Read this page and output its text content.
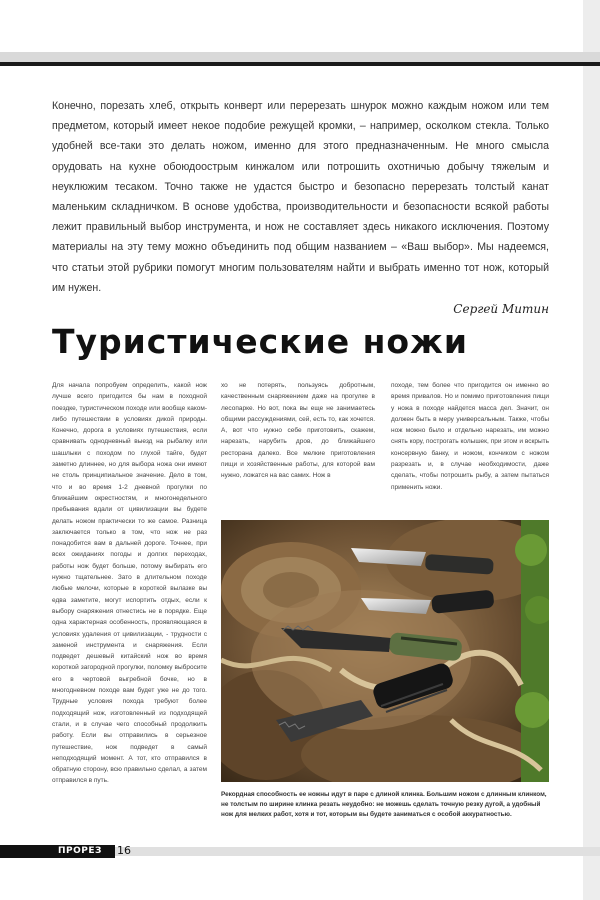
Конечно, порезать хлеб, открыть конверт или перерезать шнурок можно каждым ножом или тем предметом, который имеет некое подобие режущей кромки, – например, осколком стекла. Только удобней все-таки это делать ножом, именно для этого предназначенным. Не много смысла орудовать на кухне обоюдоострым кинжалом или потрошить охотничью добычу тяжелым и неуклюжим тесаком. Точно также не удастся быстро и безопасно перерезать толстый канат маленьким складничком. В основе удобства, производительности и безопасности всякой работы лежит правильный выбор инструмента, и нож не составляет здесь никакого исключения. Поэтому материалы на эту тему можно объединить под общим названием – «Ваш выбор». Мы надеемся, что статьи этой рубрики помогут многим пользователям найти и выбрать именно тот нож, который им нужен.

Сергей Митин
Туристические ножи

Для начала попробуем определить, какой нож лучше всего пригодится бы нам в походной поездке, туристическом походе или вообще каком-либо путешествии в условиях дикой природы. Конечно, дорога в условиях путешествия, если сравнивать однодневный выезд на рыбалку или шашлыки с походом по глухой тайге, будет заметно длиннее, но для выбора ножа они имеют не столь принципиальное значение. Дело в том, что и во время 1-2 дневной прогулки по ближайшим окрестностям, и многонедельного пребывания вдали от цивилизации вы будете делать ножом практически то же самое. Разница заключается только в том, что нож не раз понадобится вам в дальней дороге. Точнее, при всех ожиданиях погоды и долгих переходах, работы нож будет больше, потому выбирать его нужно тщательнее. Зато в длительном походе любые мелочи, которые в короткой вылазке вы едва заметите, могут испортить отдых, если к выбору снаряжения отнестись не в порядке. Еще одна характерная особенность, проявляющаяся в условиях удаления от цивилизации, - трудности с заменой инструмента и снаряжения. Если подведет дешевый китайский нож во время короткой загородной прогулки, поломку выбросите его в чертовой выгребной бочке, но в многодневном походе вам будет уже не до того. Трудные условия похода требуют более подходящий нож, изготовленный из подходящей стали, и в случае чего способный продолжить работу. Если вы отправились в серьезное путешествие, нож подведет в самый неподходящий момент. А тот, кто отправился в обратную сторону, всю правильно сделал, а затем отправился в путь.

хо не потерять, пользуясь добротным, качественным снаряжением даже на прогулке в лесопарке. Но вот, пока вы еще не занимаетесь общими рассуждениями, сей, есть то, как хочется. А, вот что нужно себе приготовить, скажем, нарезать, нарубить дров, до ближайшего ресторана далеко. Все мелкие приготовления пищи и хозяйственные работы, для которой вам нужно, ложатся на вас самих. Нож в

походе, тем более что пригодится он именно во время привалов. Но и помимо приготовления пищи у ножа в походе найдется масса дел. Значит, он должен быть в меру универсальным. Также, чтобы нож можно было и отдельно нарезать, им можно снять кору, построгать колышек, при этом и вскрыть консервную банку, и ножом, кончиком с ножом разрезать и, в случае необходимости, даже сделать, чтобы потрошить рыбу, а затем пытаться применить ножи.

Рекордная способность ее ножны идут в паре с длиной клинка. Большим ножом с длинным клинком, не толстым по ширине клинка резать неудобно: не можешь сделать точную резку дугой, а удобный нож для мелких работ, хотя и тот, которым вы будете заниматься с особой аккуратностью.

ПРОРЕЗ 16
